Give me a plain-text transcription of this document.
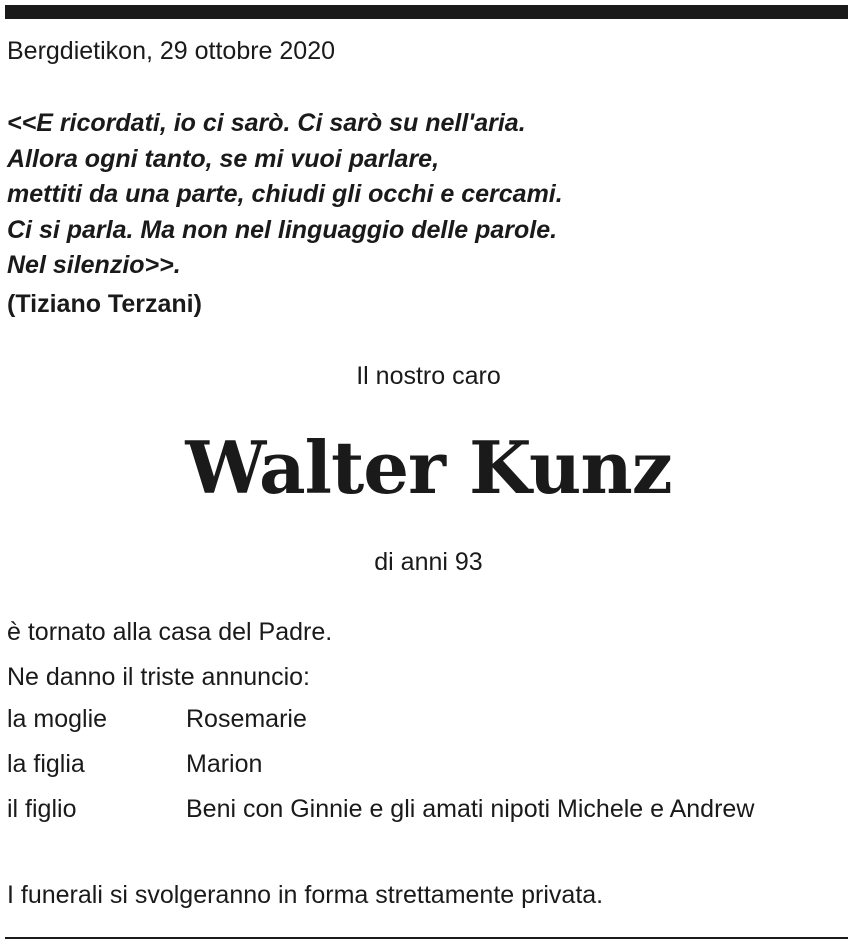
Bergdietikon, 29 ottobre 2020
<<E ricordati, io ci sarò. Ci sarò su nell'aria.
Allora ogni tanto, se mi vuoi parlare,
mettiti da una parte, chiudi gli occhi e cercami.
Ci si parla. Ma non nel linguaggio delle parole.
Nel silenzio>>.
(Tiziano Terzani)
Il nostro caro
Walter Kunz
di anni 93
è tornato alla casa del Padre.
Ne danno il triste annuncio:
la moglie	Rosemarie
la figlia	Marion
il figlio	Beni con Ginnie e gli amati nipoti Michele e Andrew
I funerali si svolgeranno in forma strettamente privata.
